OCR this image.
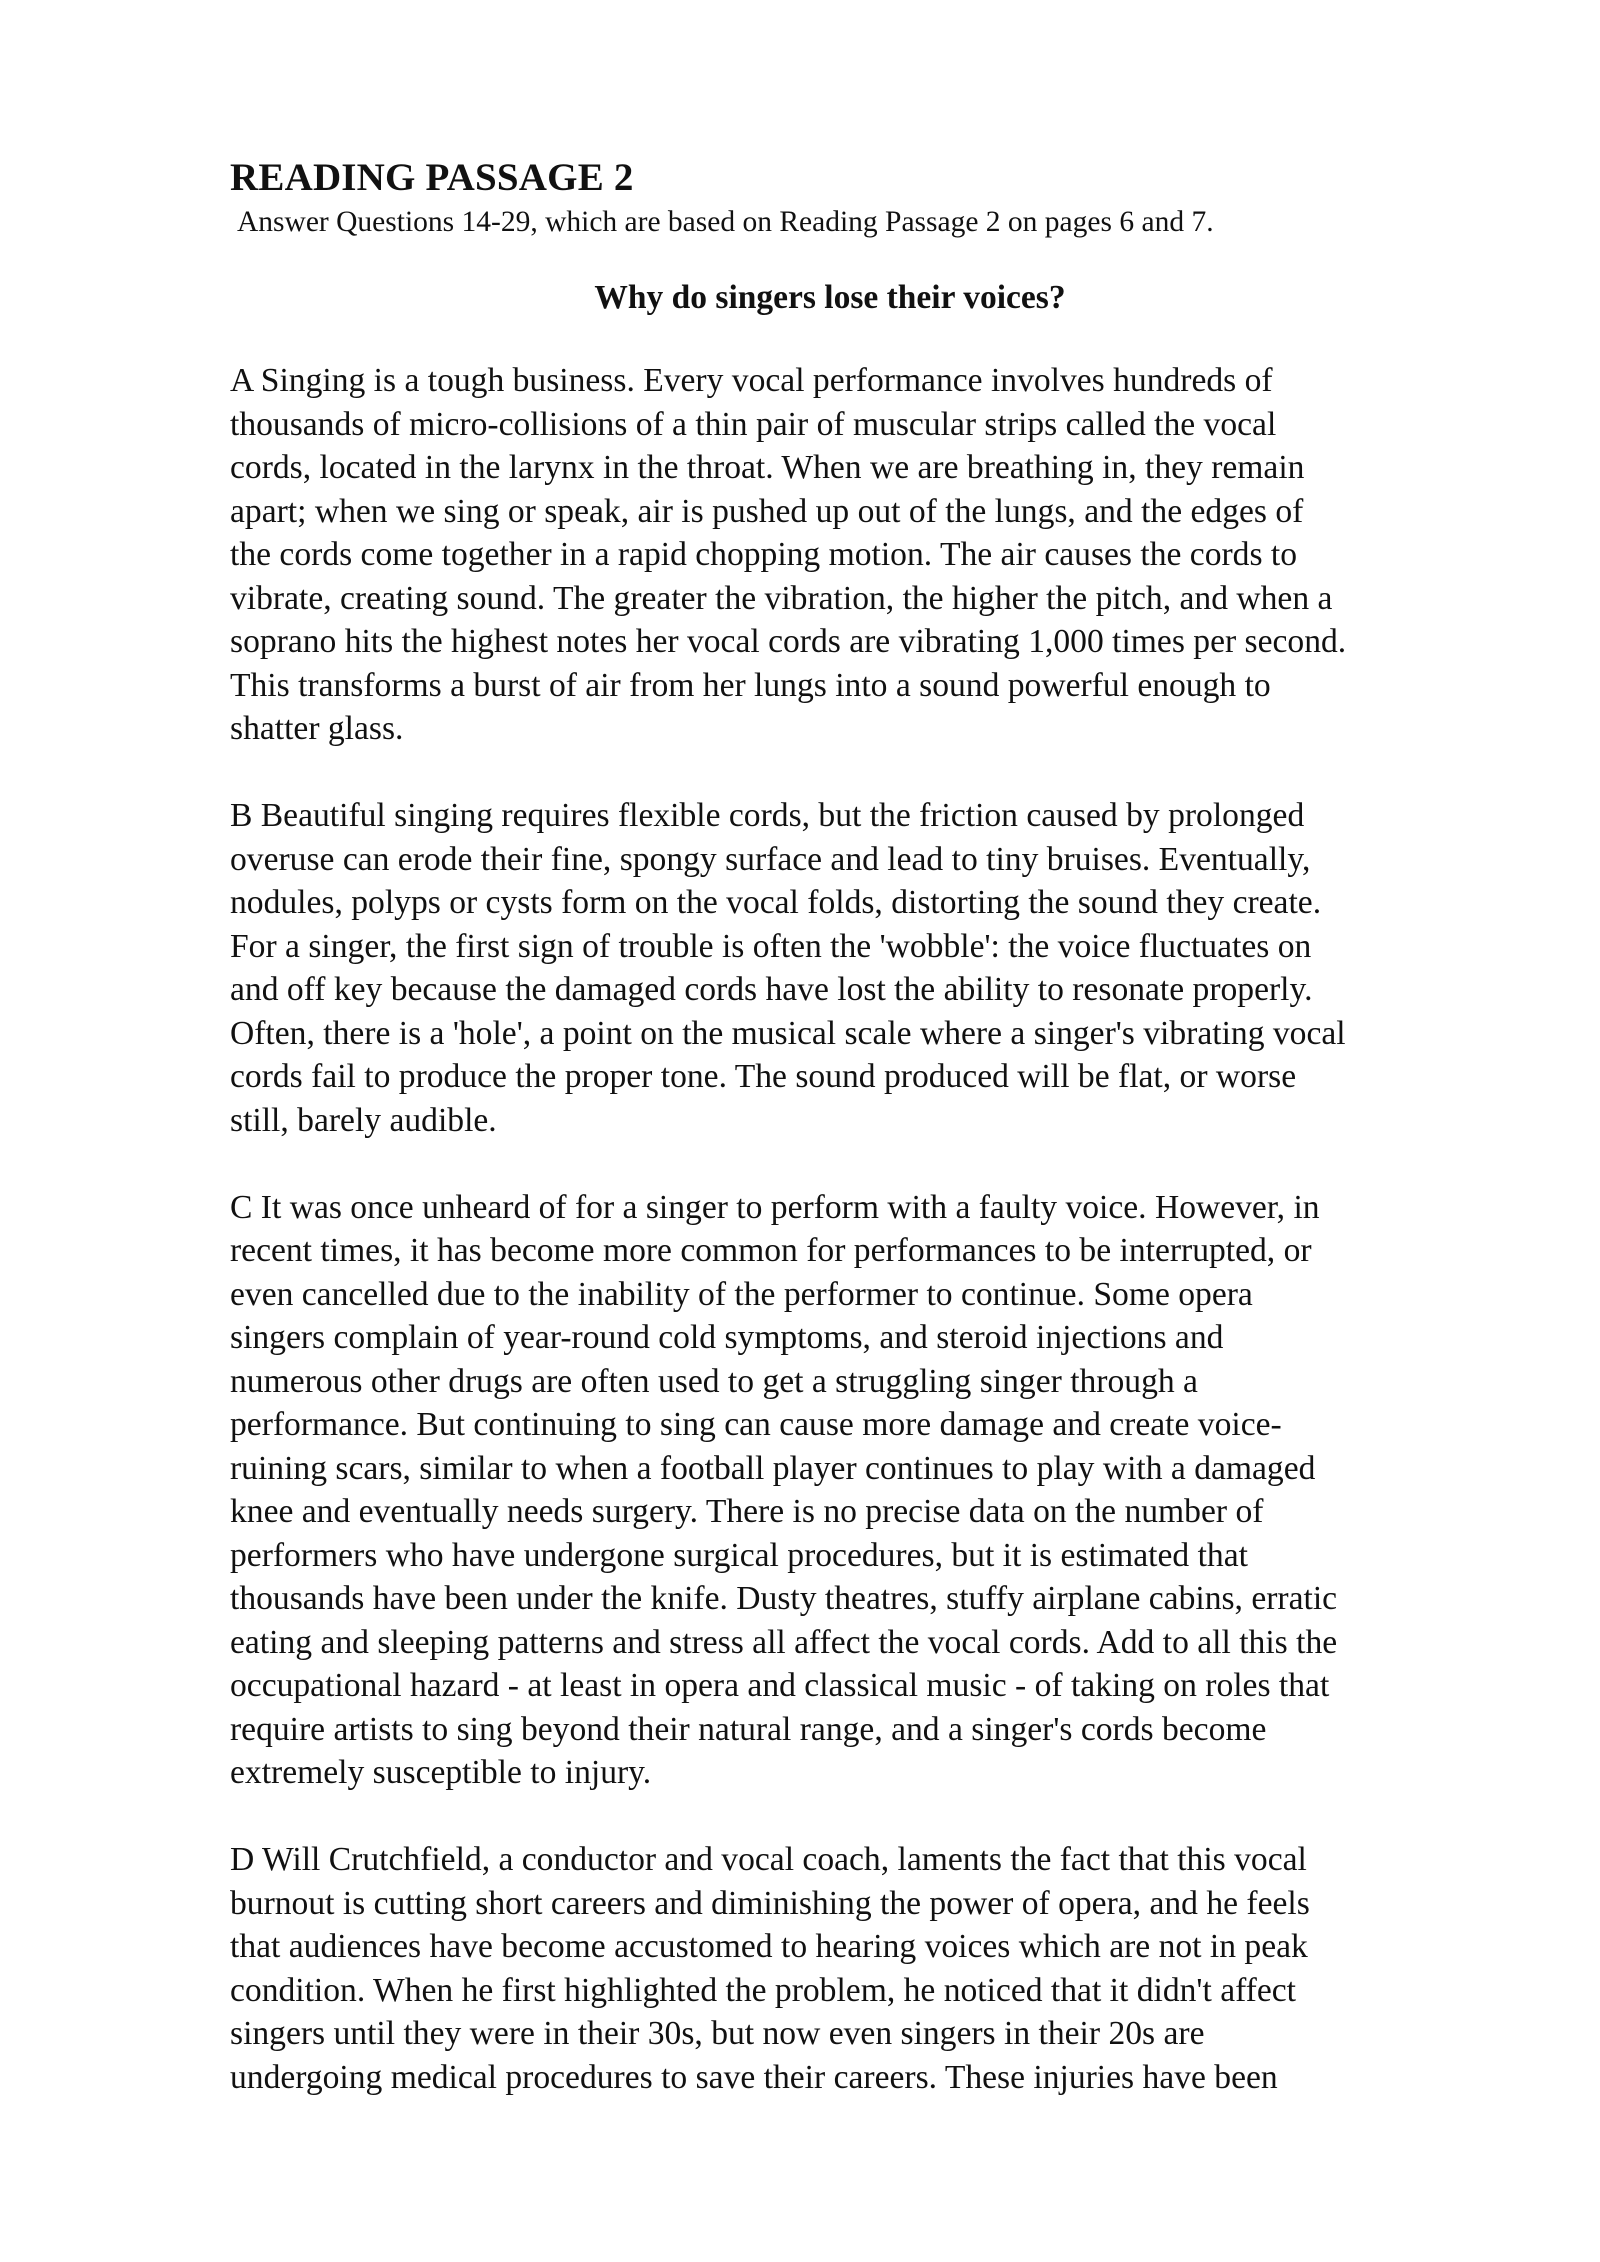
READING PASSAGE 2

Answer Questions 14-29, which are based on Reading Passage 2 on pages 6 and 7.

Why do singers lose their voices?

A Singing is a tough business. Every vocal performance involves hundreds of
thousands of micro-collisions of a thin pair of muscular strips called the vocal
cords, located in the larynx in the throat. When we are breathing in, they remain
apart; when we sing or speak, air is pushed up out of the lungs, and the edges of
the cords come together in a rapid chopping motion. The air causes the cords to
vibrate, creating sound. The greater the vibration, the higher the pitch, and when a
soprano hits the highest notes her vocal cords are vibrating 1,000 times per second.
This transforms a burst of air from her lungs into a sound powerful enough to
shatter glass.

B Beautiful singing requires flexible cords, but the friction caused by prolonged
overuse can erode their fine, spongy surface and lead to tiny bruises. Eventually,
nodules, polyps or cysts form on the vocal folds, distorting the sound they create.
For a singer, the first sign of trouble is often the 'wobble': the voice fluctuates on
and off key because the damaged cords have lost the ability to resonate properly.
Often, there is a 'hole', a point on the musical scale where a singer's vibrating vocal
cords fail to produce the proper tone. The sound produced will be flat, or worse
still, barely audible.

C It was once unheard of for a singer to perform with a faulty voice. However, in
recent times, it has become more common for performances to be interrupted, or
even cancelled due to the inability of the performer to continue. Some opera
singers complain of year-round cold symptoms, and steroid injections and
numerous other drugs are often used to get a struggling singer through a
performance. But continuing to sing can cause more damage and create voice-
ruining scars, similar to when a football player continues to play with a damaged
knee and eventually needs surgery. There is no precise data on the number of
performers who have undergone surgical procedures, but it is estimated that
thousands have been under the knife. Dusty theatres, stuffy airplane cabins, erratic
eating and sleeping patterns and stress all affect the vocal cords. Add to all this the
occupational hazard - at least in opera and classical music - of taking on roles that
require artists to sing beyond their natural range, and a singer's cords become
extremely susceptible to injury.

D Will Crutchfield, a conductor and vocal coach, laments the fact that this vocal
burnout is cutting short careers and diminishing the power of opera, and he feels
that audiences have become accustomed to hearing voices which are not in peak
condition. When he first highlighted the problem, he noticed that it didn't affect
singers until they were in their 30s, but now even singers in their 20s are
undergoing medical procedures to save their careers. These injuries have been
